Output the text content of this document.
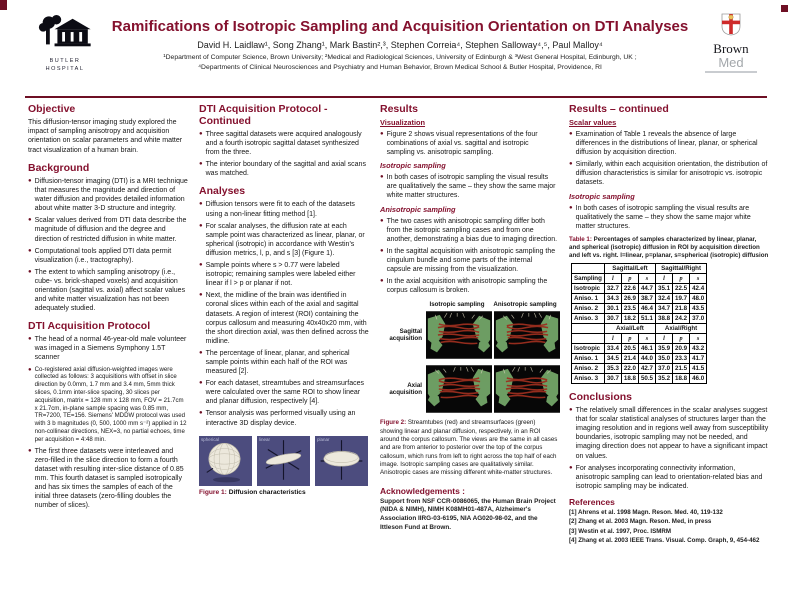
BUTLER
HOSPITAL
Ramifications of Isotropic Sampling and Acquisition Orientation on DTI Analyses
David H. Laidlaw¹, Song Zhang¹, Mark Bastin²,³, Stephen Correia⁴, Stephen Salloway⁴,⁵, Paul Malloy⁴
¹Department of Computer Science, Brown University; ²Medical and Radiological Sciences, University of Edinburgh & ³West General Hospital, Edinburgh, UK ;
⁴Departments of Clinical Neurosciences and Psychiatry and Human Behavior, Brown Medical School & Butler Hospital, Providence, RI
Brown
Med
Objective
This diffusion-tensor imaging study explored the impact of sampling anisotropy and acquisition orientation on scalar parameters and white matter tract visualization of a human brain.
Background
● Diffusion-tensor imaging (DTI) is a MRI technique that measures the magnitude and direction of water diffusion and provides detailed information about white matter 3-D structure and integrity.
● Scalar values derived from DTI data describe the magnitude of diffusion and the degree and direction of restricted diffusion in white matter.
● Computational tools applied DTI data permit visualization (i.e., tractography).
● The extent to which sampling anisotropy (i.e., cube- vs. brick-shaped voxels) and acquisition orientation (sagittal vs. axial) affect scalar values and white matter visualization has not been adequately studied.
DTI Acquisition Protocol
● The head of a normal 46-year-old male volunteer was imaged in a Siemens Symphony 1.5T scanner
● Co-registered axial diffusion-weighted images were collected as follows: 3 acquisitions with offset in slice direction by 0.0mm, 1.7 mm and 3.4 mm, 5mm thick slices, 0.1mm inter-slice spacing, 30 slices per acquisition, matrix = 128 mm x 128 mm, FOV = 21.7cm x 21.7cm, in-plane sample spacing was 0.85 mm, TR=7200, TE=156. Siemens' MDDW protocol was used with 3 b magnitudes (0, 500, 1000 mm s⁻²) applied in 12 non-collinear directions, NEX=3, no partial echoes, time per acquisition = 4:48 min.
● The first three datasets were interleaved and zero-filled in the slice direction to form a fourth dataset with resulting inter-slice distance of 0.85 mm. This fourth dataset is sampled isotropically and has six times the samples of each of the initial three datasets (zero-filling doubles the number of slices).
DTI Acquisition Protocol - Continued
● Three sagittal datasets were acquired analogously and a fourth isotropic sagittal dataset synthesized from the three.
● The interior boundary of the sagittal and axial scans was matched.
Analyses
● Diffusion tensors were fit to each of the datasets using a non-linear fitting method [1].
● For scalar analyses, the diffusion rate at each sample point was characterized as linear, planar, or spherical (isotropic) in accordance with Westin's diffusion metrics, l, p, and s [3] (Figure 1).
● Sample points where s > 0.77 were labeled isotropic; remaining samples were labeled either linear if l > p or planar if not.
● Next, the midline of the brain was identified in coronal slices within each of the axial and sagittal datasets. A region of interest (ROI) containing the corpus callosum and measuring 40x40x20 mm, with the short direction axial, was then defined across the midline.
● The percentage of linear, planar, and spherical sample points within each half of the ROI was measured [2].
● For each dataset, streamtubes and streamsurfaces were calculated over the same ROI to show linear and planar diffusion, respectively [4].
● Tensor analysis was performed visually using an interactive 3D display device.
spherical	linear	planar
Figure 1: Diffusion characteristics
Results
Visualization
● Figure 2 shows visual representations of the four combinations of axial vs. sagittal and isotropic sampling vs. anisotropic sampling.
Isotropic sampling
● In both cases of isotropic sampling the visual results are qualitatively the same – they show the same major white matter structures.
Anisotropic sampling
● The two cases with anisotropic sampling differ both from the isotropic sampling cases and from one another, demonstrating a bias due to imaging direction.
● In the sagittal acquisition with anisotropic sampling the cingulum bundle and some parts of the internal capsule are missing from the visualization.
● In the axial acquisition with anisotropic sampling the corpus callosum is broken.
Isotropic sampling	Anisotropic sampling
Sagittal acquisition
Axial acquisition
Figure 2: Streamtubes (red) and streamsurfaces (green) showing linear and planar diffusion, respectively, in an ROI around the corpus callosum. The views are the same in all cases and are from anterior to posterior over the top of the corpus callosum, which runs from left to right across the top half of each image. Isotropic sampling cases are qualitatively similar. Anisotropic cases are missing different white-matter structures.
Acknowledgements :
Support from NSF CCR-0086065, the Human Brain Project (NIDA & NIMH), NIMH K08MH01-487A, Alzheimer's Association IIRG-03-6195, NIA AG020-98-02, and the Ittleson Fund at Brown.
Results – continued
Scalar values
● Examination of Table 1 reveals the absence of large differences in the distributions of linear, planar, or spherical diffusion by acquisition direction.
● Similarly, within each acquisition orientation, the distribution of diffusion characteristics is similar for anisotropic vs. isotropic datasets.
Isotropic sampling
● In both cases of isotropic sampling the visual results are qualitatively the same – they show the same major white matter structures.
Table 1: Percentages of samples characterized by linear, planar, and spherical (isotropic) diffusion in ROI by acquisition direction and left vs. right. l=linear, p=planar, s=spherical (isotropic) diffusion
	Sagittal/Left			Sagittal/Right		
Sampling	l	p	s	l	p	s
Isotropic	32.7	22.6	44.7	35.1	22.5	42.4
Aniso. 1	34.3	26.9	38.7	32.4	19.7	48.0
Aniso. 2	30.1	23.5	46.4	34.7	21.8	43.5
Aniso. 3	30.7	18.2	51.1	38.8	24.2	37.0
	Axial/Left			Axial/Right		
	l	p	s	l	p	s
Isotropic	33.4	20.5	46.1	35.9	20.9	43.2
Aniso. 1	34.5	21.4	44.0	35.0	23.3	41.7
Aniso. 2	35.3	22.0	42.7	37.0	21.5	41.5
Aniso. 3	30.7	18.8	50.5	35.2	18.8	46.0
Conclusions
● The relatively small differences in the scalar analyses suggest that for scalar statistical analyses of structures larger than the imaging resolution and in regions well away from susceptibility boundaries, isotropic sampling may not be needed, and imaging direction does not appear to have a significant impact on values.
● For analyses incorporating connectivity information, anisotropic sampling can lead to orientation-related bias and isotropic sampling may be indicated.
References
[1] Ahrens et al. 1998 Magn. Reson. Med. 40, 119-132
[2] Zhang et al. 2003 Magn. Reson. Med, in press
[3] Westin et al. 1997, Proc. ISMRM
[4] Zhang et al. 2003 IEEE Trans. Visual. Comp. Graph, 9, 454-462
